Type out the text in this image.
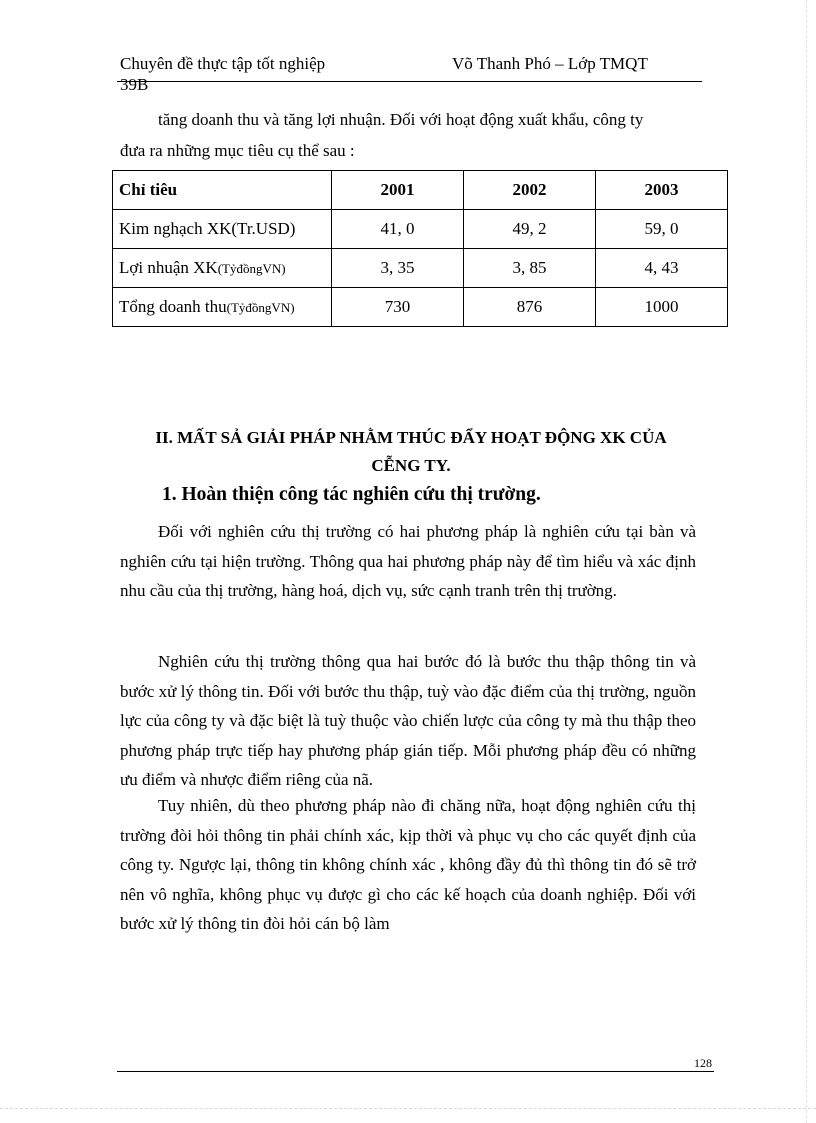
Chuyên đề thực tập tốt nghiệp
39B
Võ Thanh Phó – Lớp TMQT
tăng doanh thu và tăng lợi nhuận. Đối với hoạt động xuất khẩu, công ty
đưa ra những mục tiêu cụ thể sau :
Chỉ tiêu	2001	2002	2003
Kim nghạch XK(Tr.USD)	41, 0	49, 2	59, 0
Lợi nhuận XK(TỷđồngVN)	3, 35	3, 85	4, 43
Tổng doanh thu(TỷđồngVN)	730	876	1000
II. MẤT SẢ GIẢI PHÁP NHẰM THÚC ĐẨY HOẠT ĐỘNG XK CỦA
CỄNG TY.
1. Hoàn thiện công tác nghiên cứu thị trường.

Đối với nghiên cứu thị trường có hai phương pháp là nghiên cứu tại bàn và nghiên cứu tại hiện trường. Thông qua hai phương pháp này để tìm hiểu và xác định nhu cầu của thị trường, hàng hoá, dịch vụ, sức cạnh tranh trên thị trường.

Nghiên cứu thị trường thông qua hai bước đó là bước thu thập thông tin và bước xử lý thông tin. Đối với bước thu thập, tuỳ vào đặc điểm của thị trường, nguồn lực của công ty và đặc biệt là tuỳ thuộc vào chiến lược của công ty mà thu thập theo phương pháp trực tiếp hay phương pháp gián tiếp. Mỗi phương pháp đều có những ưu điểm và nhược điểm riêng của nã.

Tuy nhiên, dù theo phương pháp nào đi chăng nữa, hoạt động nghiên cứu thị trường đòi hỏi thông tin phải chính xác, kịp thời và phục vụ cho các quyết định của công ty. Ngược lại, thông tin không chính xác , không đầy đủ thì thông tin đó sẽ trở nên vô nghĩa, không phục vụ được gì cho các kế hoạch của doanh nghiệp. Đối với bước xử lý thông tin đòi hỏi cán bộ làm

128
